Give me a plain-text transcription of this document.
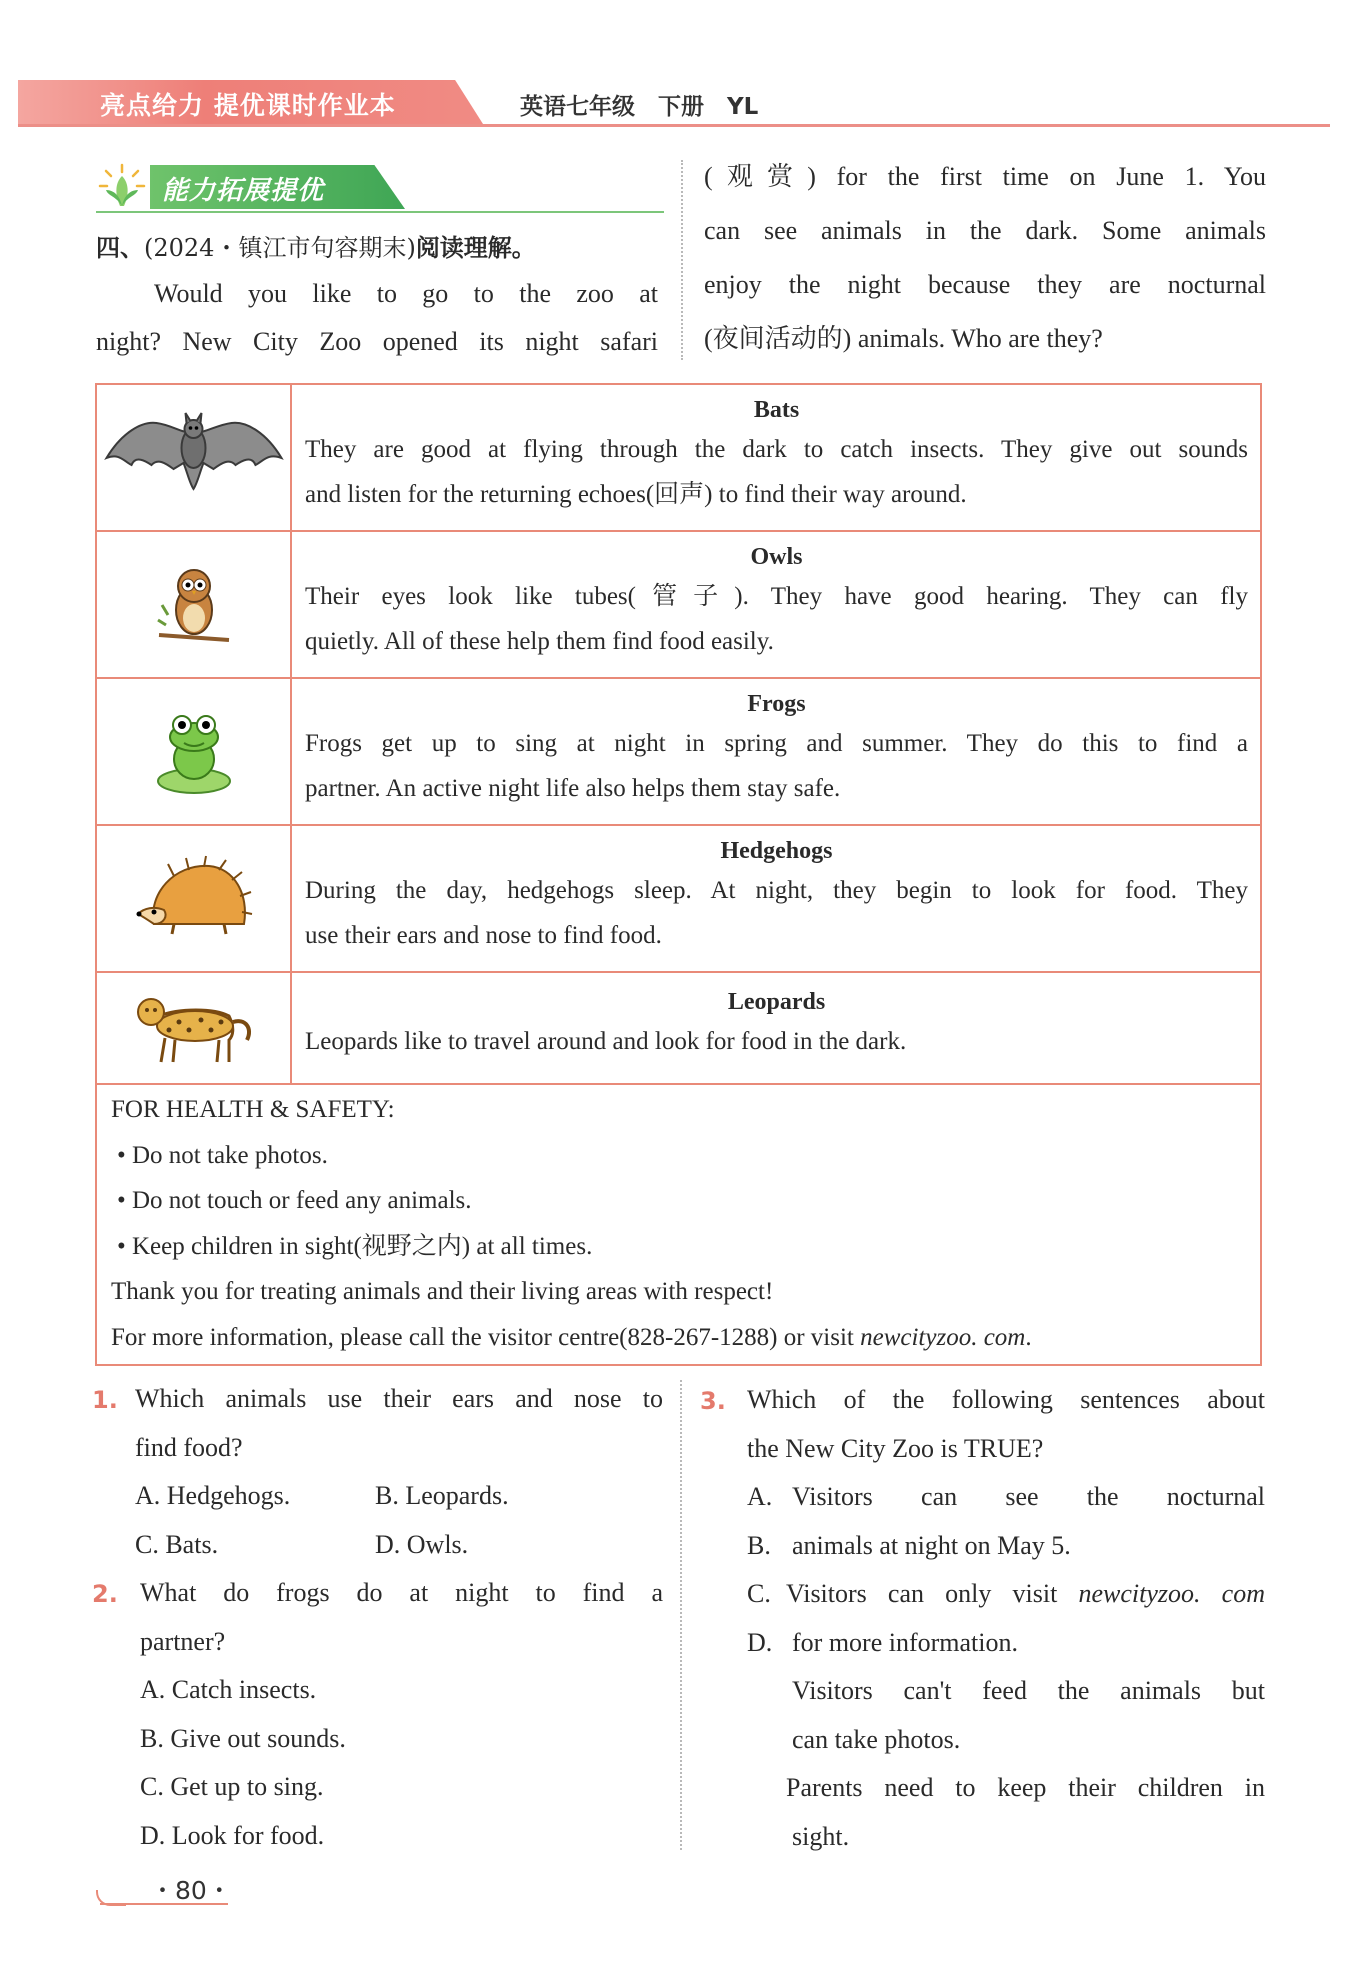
亮点给力 提优课时作业本	英语七年级　下册　YL
能力拓展提优
四、(2024・镇江市句容期末)阅读理解。
Would you like to go to the zoo at
night? New City Zoo opened its night safari
(观赏) for the first time on June 1. You
can see animals in the dark. Some animals
enjoy the night because they are nocturnal
(夜间活动的) animals. Who are they?
Bats
They are good at flying through the dark to catch insects. They give out sounds
and listen for the returning echoes(回声) to find their way around.
Owls
Their eyes look like tubes(管子). They have good hearing. They can fly
quietly. All of these help them find food easily.
Frogs
Frogs get up to sing at night in spring and summer. They do this to find a
partner. An active night life also helps them stay safe.
Hedgehogs
During the day, hedgehogs sleep. At night, they begin to look for food. They
use their ears and nose to find food.
Leopards
Leopards like to travel around and look for food in the dark.
FOR HEALTH & SAFETY:
• Do not take photos.
• Do not touch or feed any animals.
• Keep children in sight(视野之内) at all times.
Thank you for treating animals and their living areas with respect!
For more information, please call the visitor centre(828-267-1288) or visit newcityzoo. com.
1. Which animals use their ears and nose to
find food?
A. Hedgehogs.	B. Leopards.
C. Bats.	D. Owls.
2. What do frogs do at night to find a
partner?
A. Catch insects.
B. Give out sounds.
C. Get up to sing.
D. Look for food.
3. Which of the following sentences about
the New City Zoo is TRUE?
A.
B.
C.
D.
Visitors can see the nocturnal
animals at night on May 5.
Visitors can only visit newcityzoo. com
for more information.
Visitors can't feed the animals but
can take photos.
Parents need to keep their children in
sight.
・80・
